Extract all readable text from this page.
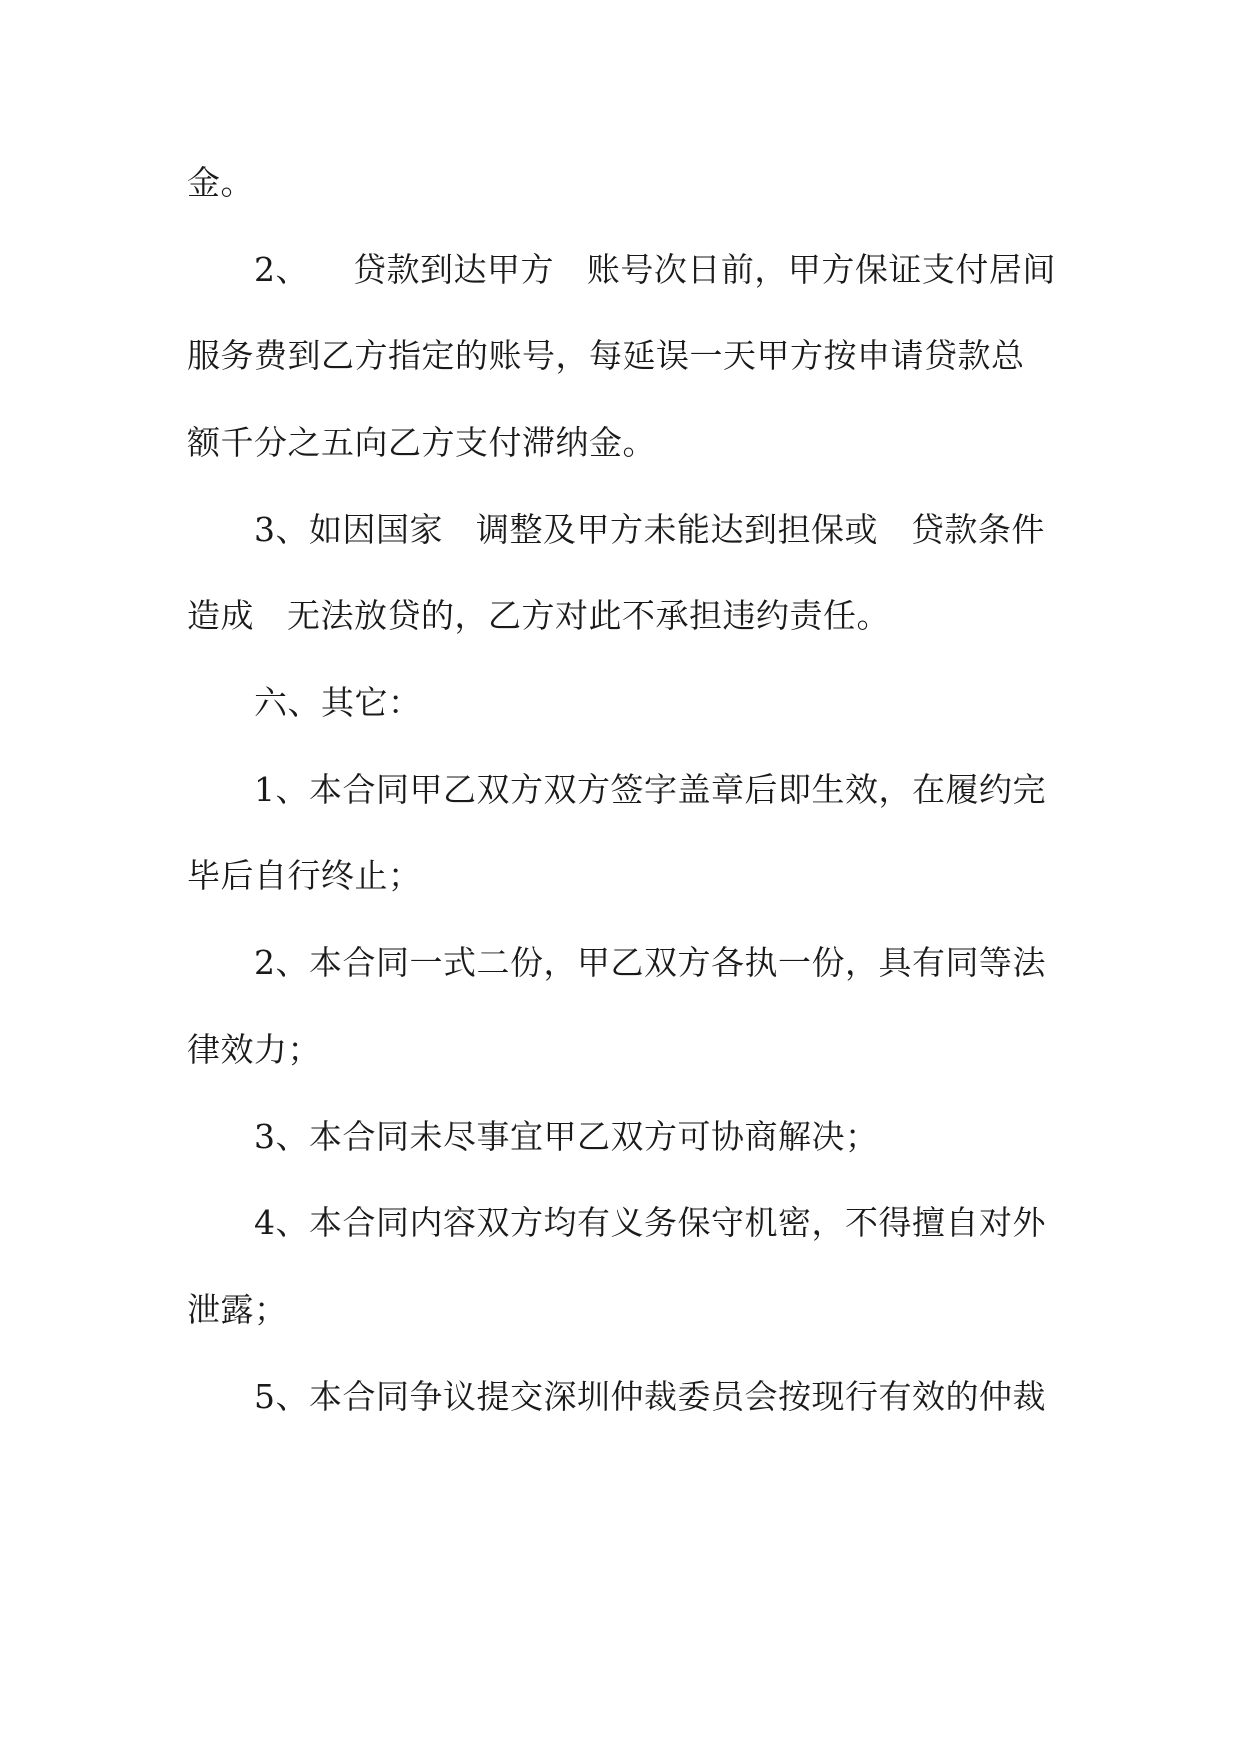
金。
2、    贷款到达甲方   账号次日前，甲方保证支付居间
服务费到乙方指定的账号，每延误一天甲方按申请贷款总
额千分之五向乙方支付滞纳金。
3、如因国家   调整及甲方未能达到担保或   贷款条件
造成   无法放贷的，乙方对此不承担违约责任。
六、其它：
1、本合同甲乙双方双方签字盖章后即生效，在履约完
毕后自行终止；
2、本合同一式二份，甲乙双方各执一份，具有同等法
律效力；
3、本合同未尽事宜甲乙双方可协商解决；
4、本合同内容双方均有义务保守机密，不得擅自对外
泄露；
5、本合同争议提交深圳仲裁委员会按现行有效的仲裁
